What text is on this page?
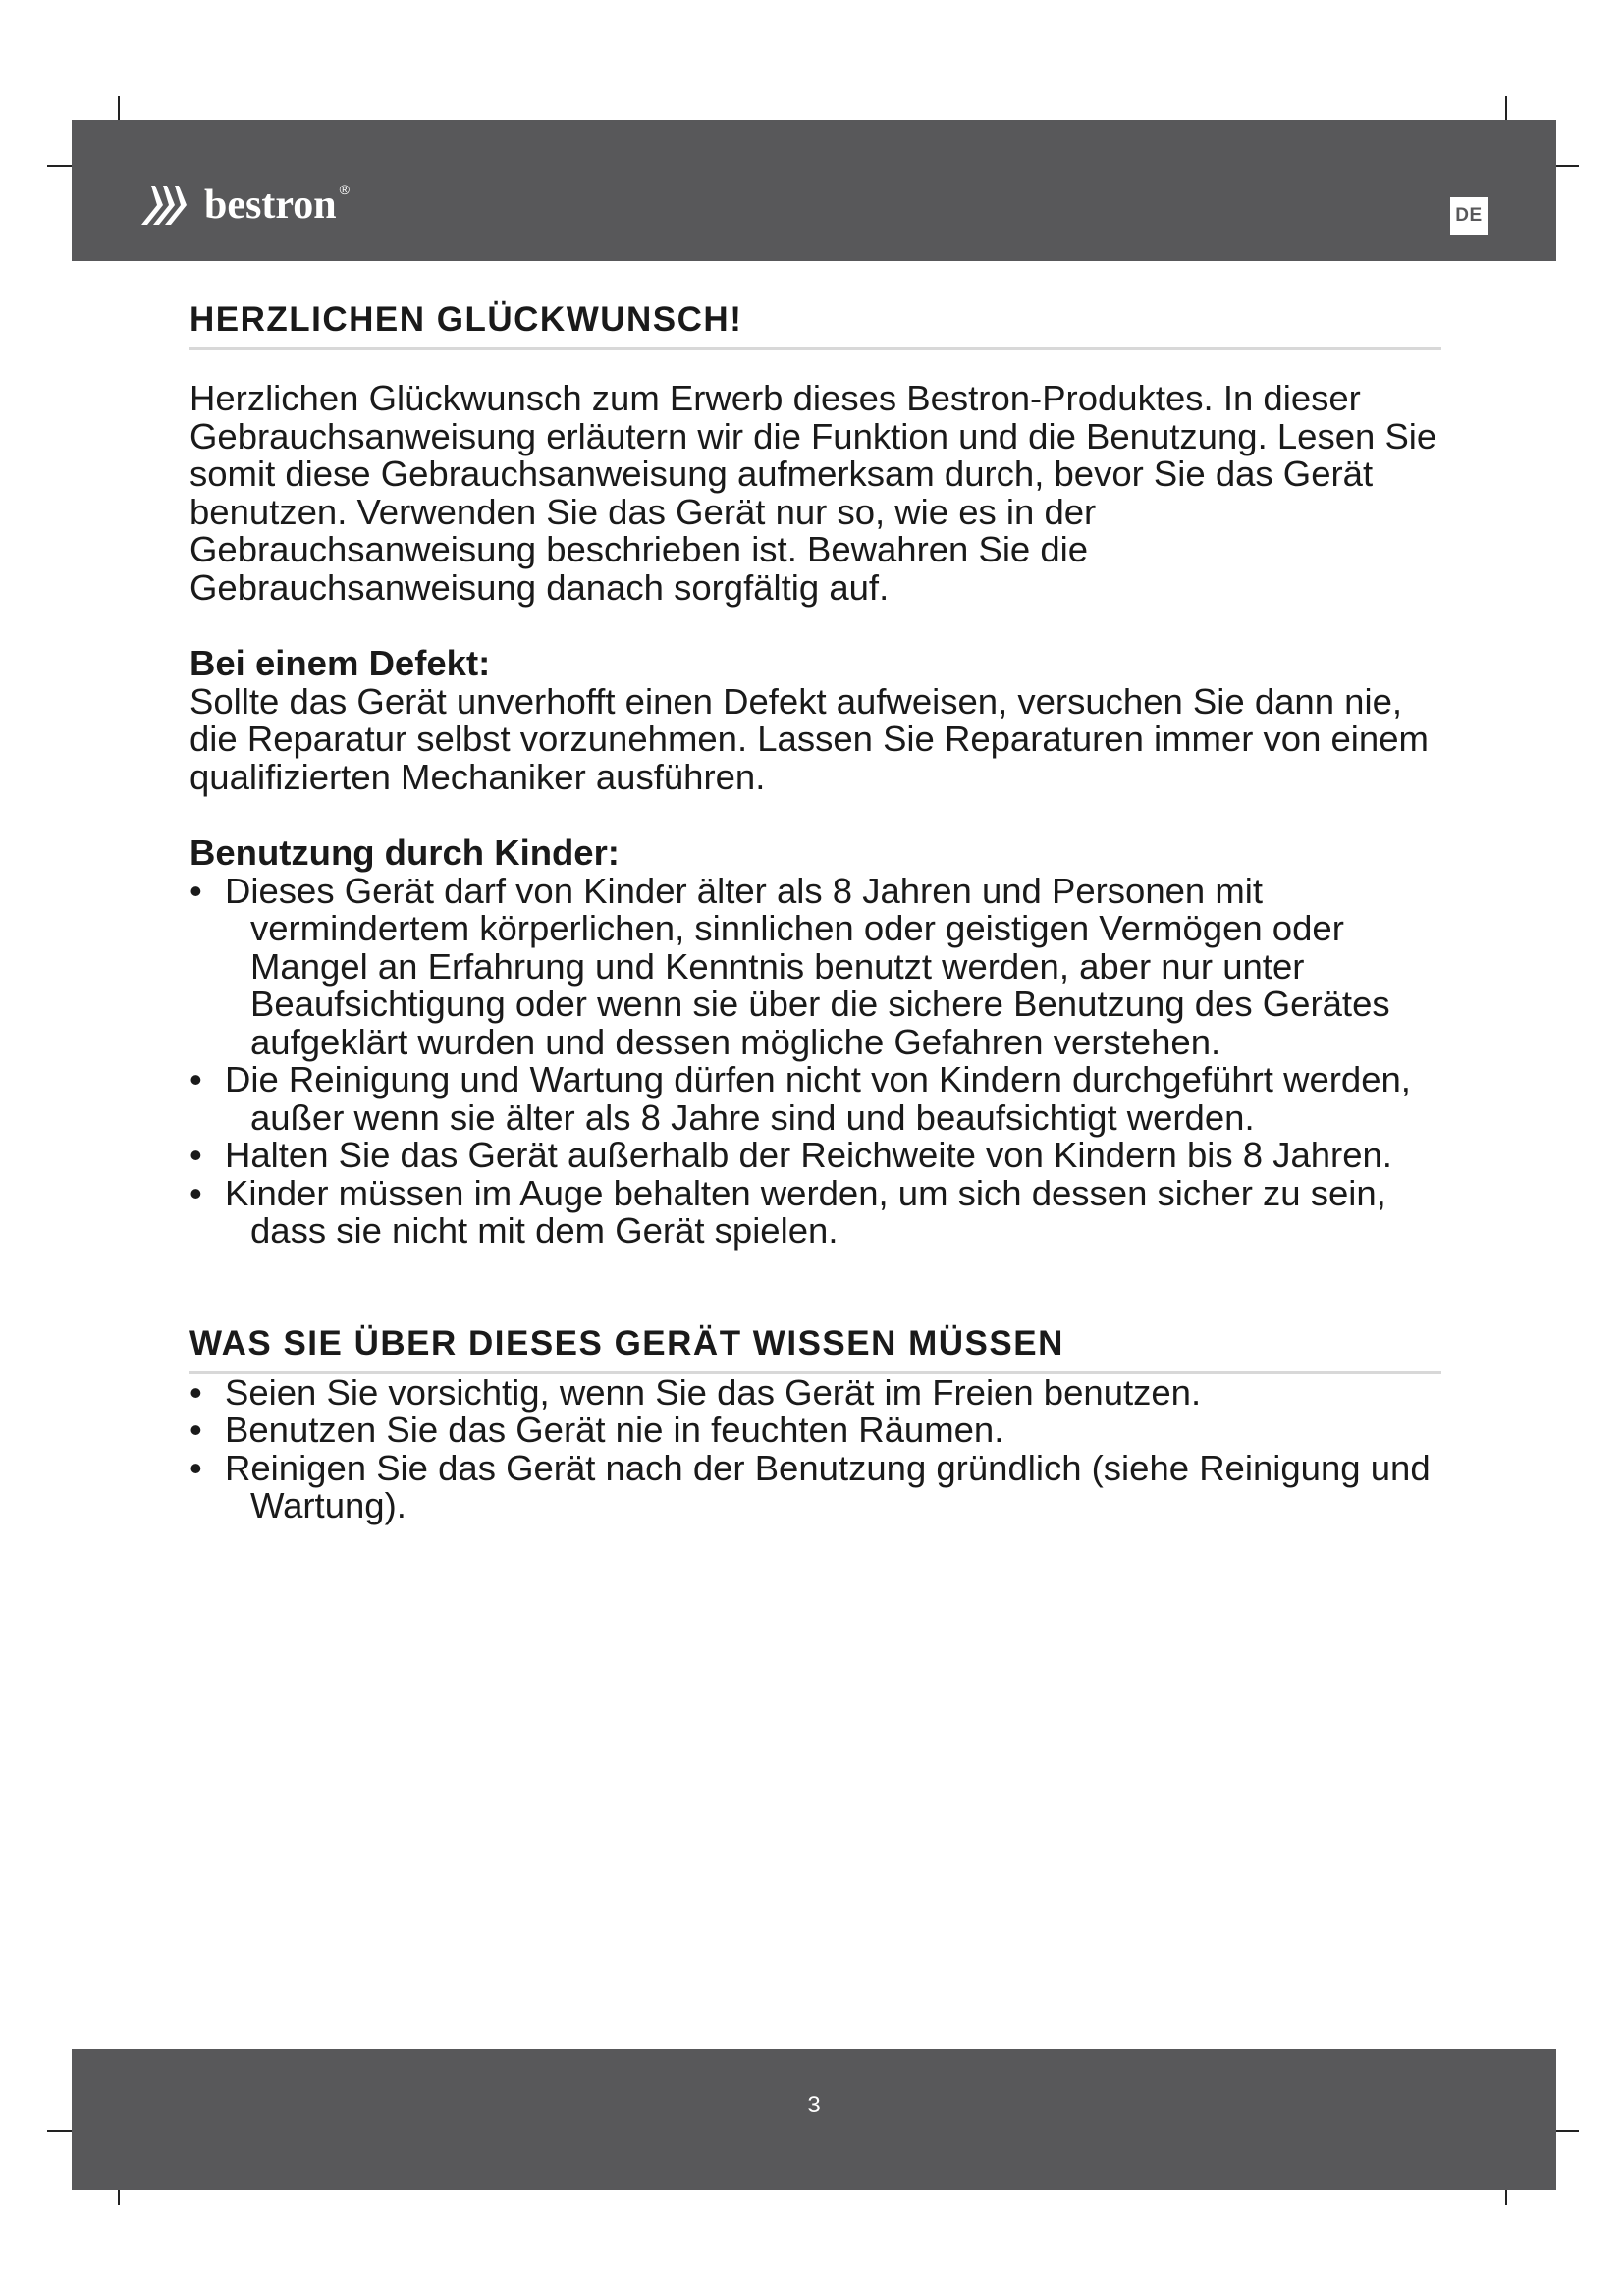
bestron ®
DE
HERZLICHEN GLÜCKWUNSCH!

Herzlichen Glückwunsch zum Erwerb dieses Bestron-Produktes. In dieser Gebrauchsanweisung erläutern wir die Funktion und die Benutzung. Lesen Sie somit diese Gebrauchsanweisung aufmerksam durch, bevor Sie das Gerät benutzen. Verwenden Sie das Gerät nur so, wie es in der Gebrauchsanweisung beschrieben ist. Bewahren Sie die Gebrauchsanweisung danach sorgfältig auf.

Bei einem Defekt:

Sollte das Gerät unverhofft einen Defekt aufweisen, versuchen Sie dann nie, die Reparatur selbst vorzunehmen. Lassen Sie Reparaturen immer von einem qualifizierten Mechaniker ausführen.

Benutzung durch Kinder:

• Dieses Gerät darf von Kinder älter als 8 Jahren und Personen mit vermindertem körperlichen, sinnlichen oder geistigen Vermögen oder Mangel an Erfahrung und Kenntnis benutzt werden, aber nur unter Beaufsichtigung oder wenn sie über die sichere Benutzung des Gerätes aufgeklärt wurden und dessen mögliche Gefahren verstehen.
• Die Reinigung und Wartung dürfen nicht von Kindern durchgeführt werden, außer wenn sie älter als 8 Jahre sind und beaufsichtigt werden.
• Halten Sie das Gerät außerhalb der Reichweite von Kindern bis 8 Jahren.
• Kinder müssen im Auge behalten werden, um sich dessen sicher zu sein, dass sie nicht mit dem Gerät spielen.
WAS SIE ÜBER DIESES GERÄT WISSEN MÜSSEN
• Seien Sie vorsichtig, wenn Sie das Gerät im Freien benutzen.
• Benutzen Sie das Gerät nie in feuchten Räumen.
• Reinigen Sie das Gerät nach der Benutzung gründlich (siehe Reinigung und Wartung).
3
